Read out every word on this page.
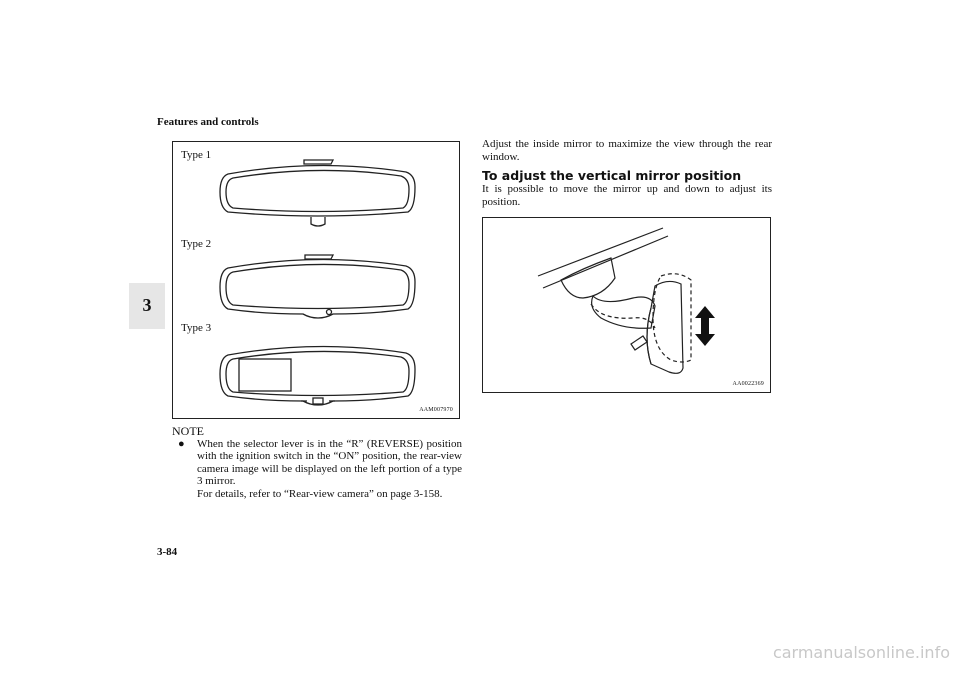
Features and controls
3
Type 1
Type 2
Type 3
AAM007970
NOTE
● When the selector lever is in the “R” (REVERSE) position with the ignition switch in the “ON” position, the rear-view camera image will be displayed on the left portion of a type 3 mirror.
For details, refer to “Rear-view camera” on page 3-158.
Adjust the inside mirror to maximize the view through the rear window.
To adjust the vertical mirror position
It is possible to move the mirror up and down to adjust its position.
AA0022369
3-84
carmanualsonline.info
